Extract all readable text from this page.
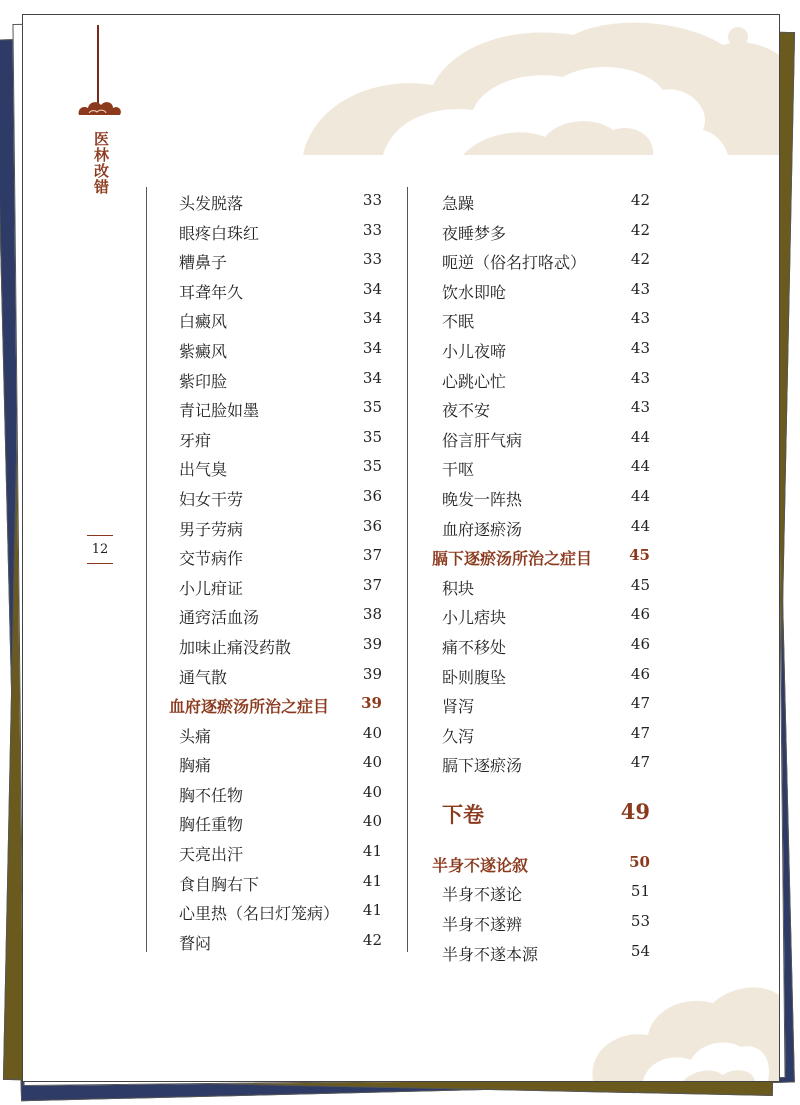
医林改错
12
头发脱落	33
眼疼白珠红	33
糟鼻子	33
耳聋年久	34
白癜风	34
紫癜风	34
紫印脸	34
青记脸如墨	35
牙疳	35
出气臭	35
妇女干劳	36
男子劳病	36
交节病作	37
小儿疳证	37
通窍活血汤	38
加味止痛没药散	39
通气散	39
血府逐瘀汤所治之症目 39
头痛	40
胸痛	40
胸不任物	40
胸任重物	40
天亮出汗	41
食自胸右下	41
心里热（名曰灯笼病） 41
瞀闷	42
急躁	42
夜睡梦多	42
呃逆（俗名打咯忒）	42
饮水即呛	43
不眠	43
小儿夜啼	43
心跳心忙	43
夜不安	43
俗言肝气病	44
干呕	44
晚发一阵热	44
血府逐瘀汤	44
膈下逐瘀汤所治之症目 45
积块	45
小儿痞块	46
痛不移处	46
卧则腹坠	46
肾泻	47
久泻	47
膈下逐瘀汤	47
下卷	49
半身不遂论叙	50
半身不遂论	51
半身不遂辨	53
半身不遂本源	54
